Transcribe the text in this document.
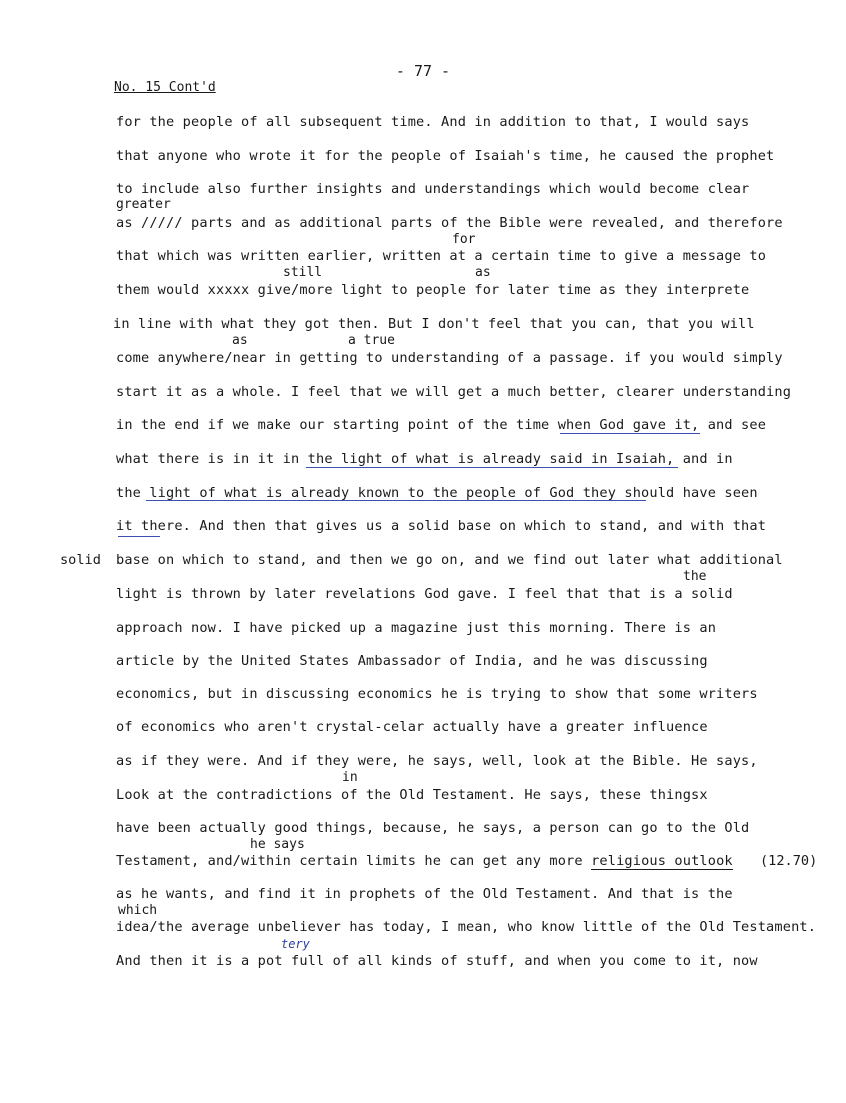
- 77 -
No. 15 Cont'd
greater
for
still	as
as	a true
the
in
he says
which
tery
for the people of all subsequent time. And in addition to that, I would says
that anyone who wrote it for the people of Isaiah's time, he caused the prophet
to include also further insights and understandings which would become clear
as ///// parts and as additional parts of the Bible were revealed, and therefore
that which was written earlier, written at a certain time to give a message to
them would xxxxx give/more light to people for later time as they interprete
in line with what they got then. But I don't feel that you can, that you will
come anywhere/near in getting to understanding of a passage. if you would simply
start it as a whole. I feel that we will get a much better, clearer understanding
in the end if we make our starting point of the time when God gave it, and see
what there is in it in the light of what is already said in Isaiah, and in
the light of what is already known to the people of God they should have seen
it there. And then that gives us a solid base on which to stand, and with that
solid base on which to stand, and then we go on, and we find out later what additional
light is thrown by later revelations God gave. I feel that that is a solid
approach now. I have picked up a magazine just this morning. There is an
article by the United States Ambassador of India, and he was discussing
economics, but in discussing economics he is trying to show that some writers
of economics who aren't crystal-celar actually have a greater influence
as if they were. And if they were, he says, well, look at the Bible. He says,
Look at the contradictions of the Old Testament. He says, these thingsx
have been actually good things, because, he says, a person can go to the Old
Testament, and/within certain limits he can get any more religious outlook (12.70)
as he wants, and find it in prophets of the Old Testament. And that is the
idea/the average unbeliever has today, I mean, who know little of the Old Testament.
And then it is a pot full of all kinds of stuff, and when you come to it, now
